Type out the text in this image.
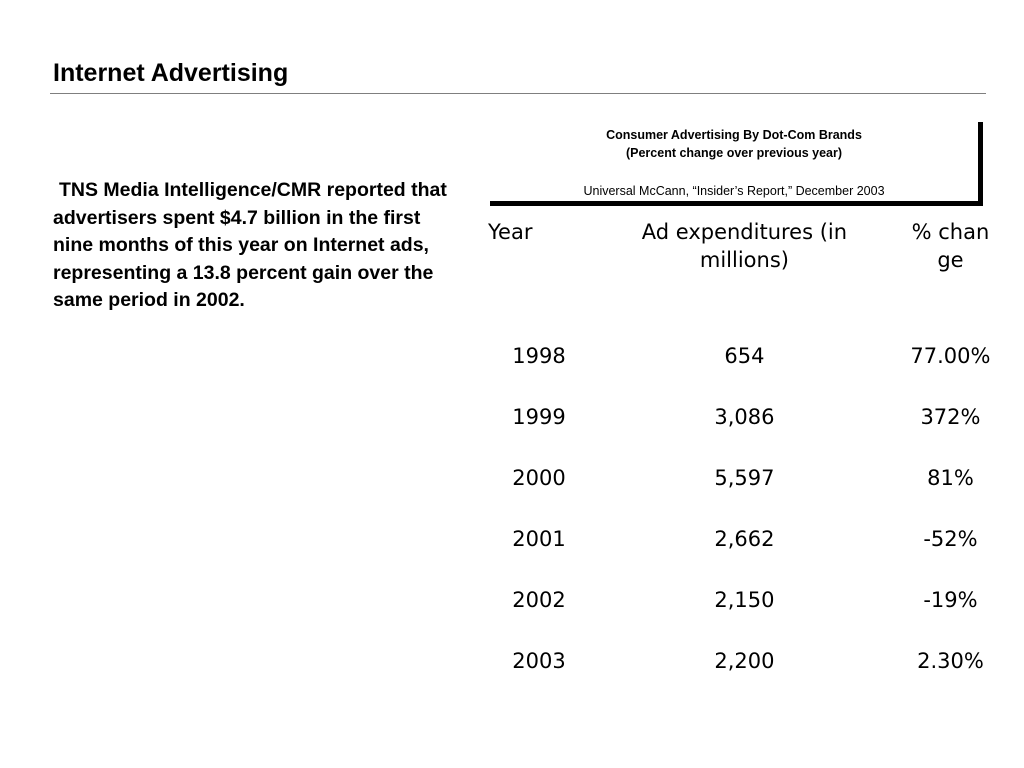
Internet Advertising

TNS Media Intelligence/CMR reported that advertisers spent $4.7 billion in the first nine months of this year on Internet ads, representing a 13.8 percent gain over the same period in 2002.

Consumer Advertising By Dot-Com Brands
(Percent change over previous year)
Universal McCann, “Insider’s Report,” December 2003
Year	Ad expenditures (in millions)	% change
1998	654	77.00%
1999	3,086	372%
2000	5,597	81%
2001	2,662	-52%
2002	2,150	-19%
2003	2,200	2.30%
